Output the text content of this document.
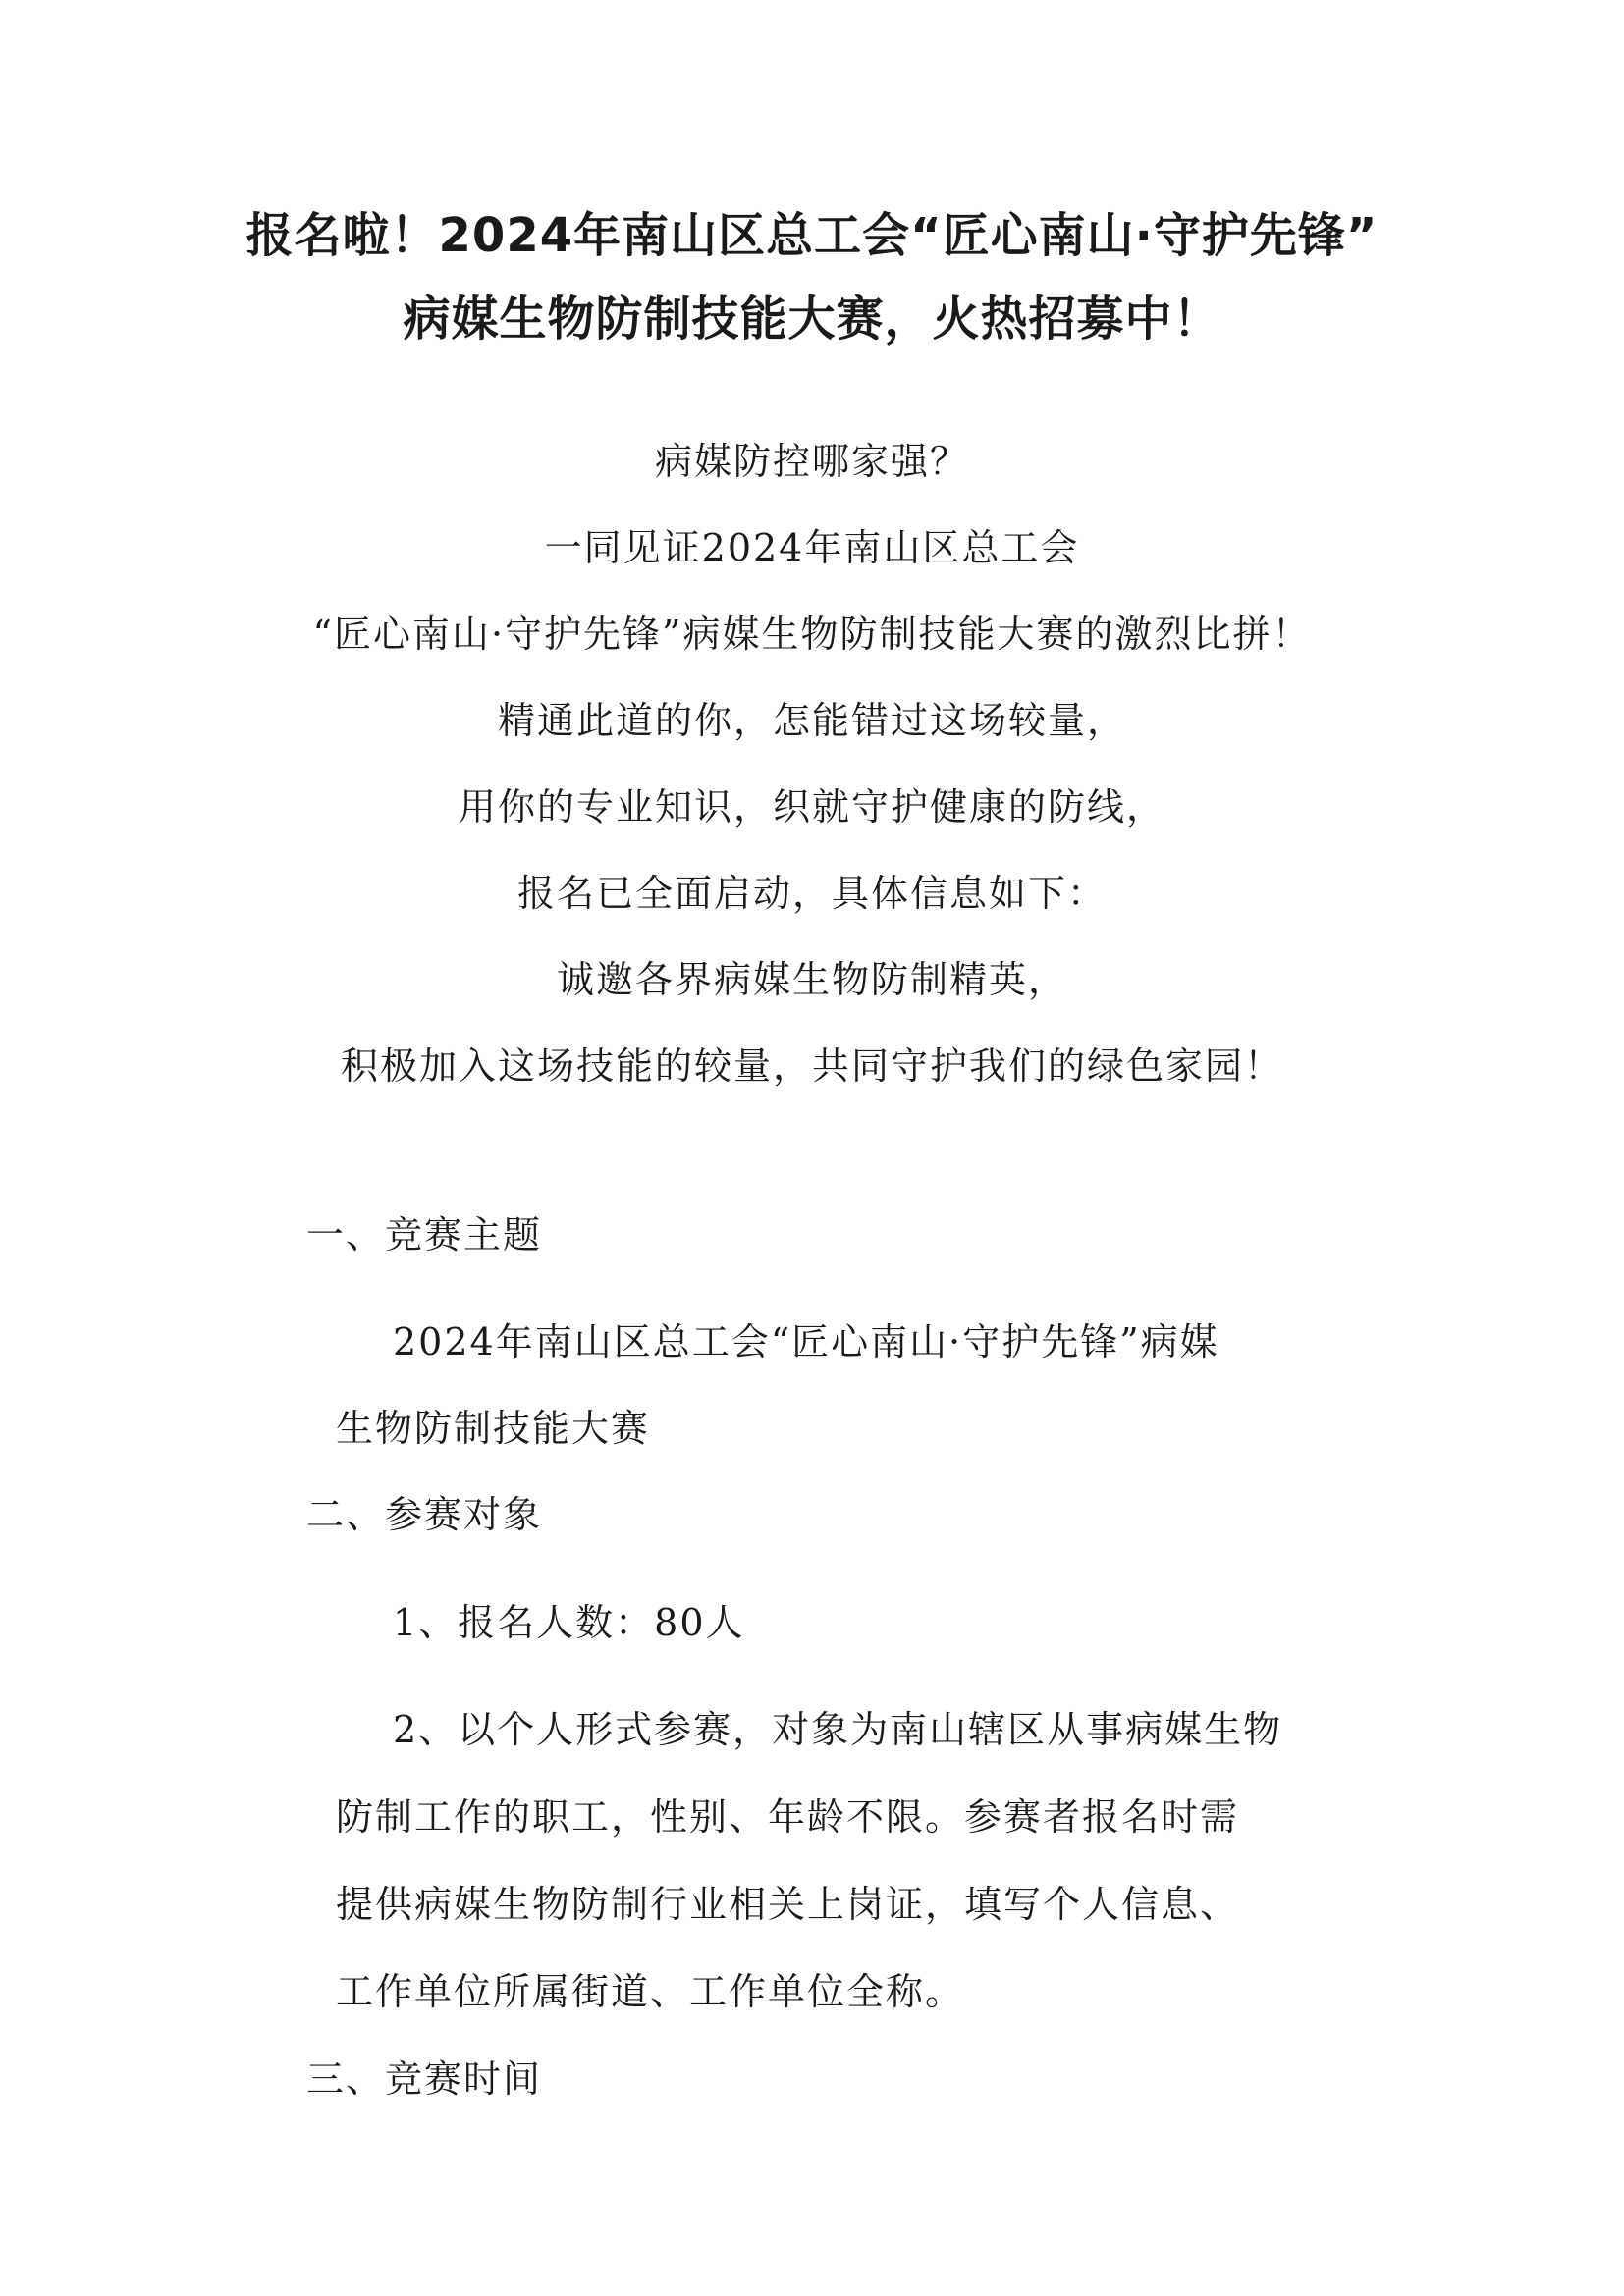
报名啦！2024年南山区总工会“匠心南山·守护先锋”
病媒生物防制技能大赛，火热招募中！
病媒防控哪家强？
一同见证2024年南山区总工会
“匠心南山·守护先锋”病媒生物防制技能大赛的激烈比拼！
精通此道的你，怎能错过这场较量，
用你的专业知识，织就守护健康的防线，
报名已全面启动，具体信息如下：
诚邀各界病媒生物防制精英，
积极加入这场技能的较量，共同守护我们的绿色家园！
一、竞赛主题
2024年南山区总工会“匠心南山·守护先锋”病媒
生物防制技能大赛
二、参赛对象
1、报名人数：80人
2、以个人形式参赛，对象为南山辖区从事病媒生物
防制工作的职工，性别、年龄不限。参赛者报名时需
提供病媒生物防制行业相关上岗证，填写个人信息、
工作单位所属街道、工作单位全称。
三、竞赛时间
